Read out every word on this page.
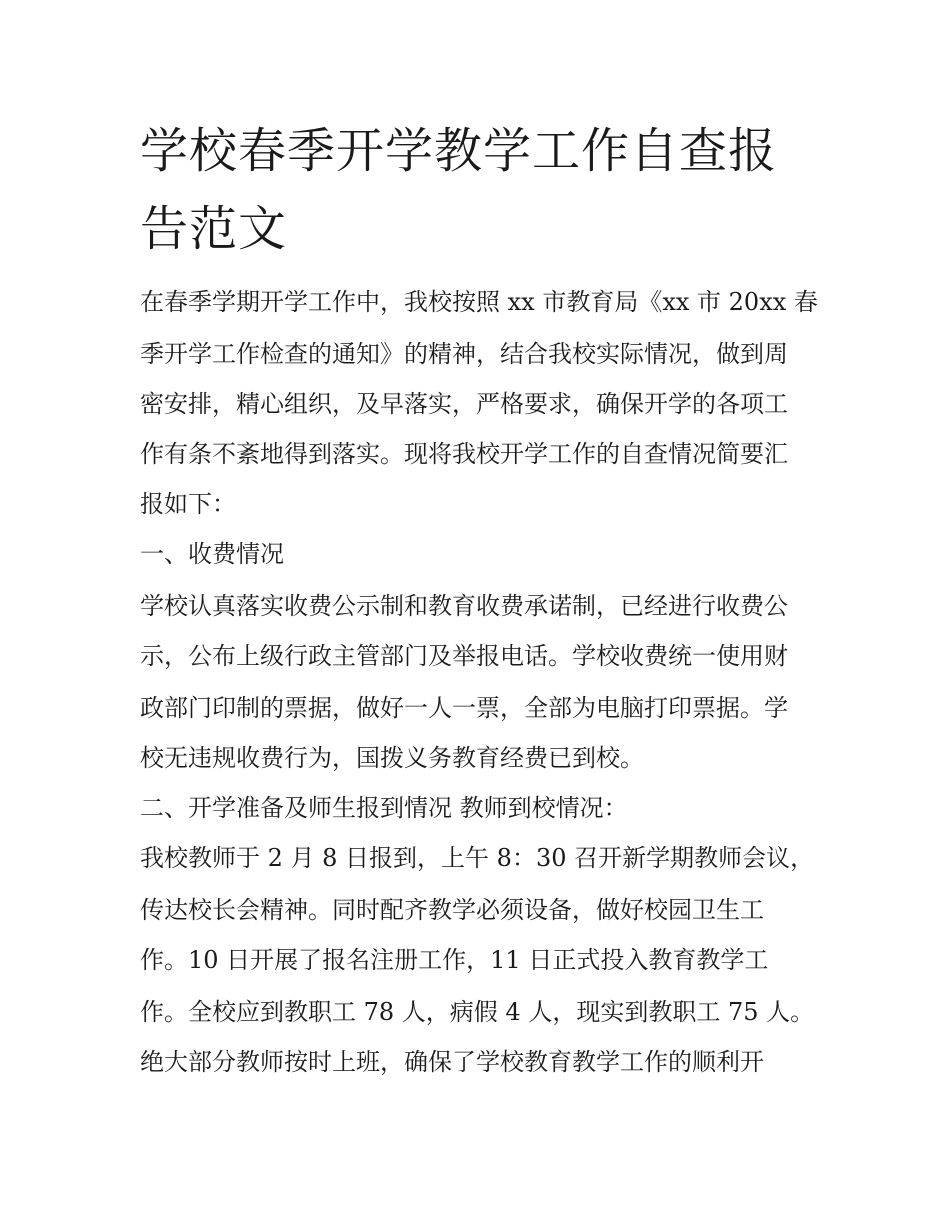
学校春季开学教学工作自查报
告范文

在春季学期开学工作中，我校按照 xx 市教育局《xx 市 20xx 春

季开学工作检查的通知》的精神，结合我校实际情况，做到周

密安排，精心组织，及早落实，严格要求，确保开学的各项工

作有条不紊地得到落实。现将我校开学工作的自查情况简要汇

报如下：

一、收费情况

学校认真落实收费公示制和教育收费承诺制，已经进行收费公

示，公布上级行政主管部门及举报电话。学校收费统一使用财

政部门印制的票据，做好一人一票，全部为电脑打印票据。学

校无违规收费行为，国拨义务教育经费已到校。

二、开学准备及师生报到情况 教师到校情况：

我校教师于 2 月 8 日报到，上午 8：30 召开新学期教师会议，

传达校长会精神。同时配齐教学必须设备，做好校园卫生工

作。10 日开展了报名注册工作，11 日正式投入教育教学工

作。全校应到教职工 78 人，病假 4 人，现实到教职工 75 人。

绝大部分教师按时上班，确保了学校教育教学工作的顺利开
